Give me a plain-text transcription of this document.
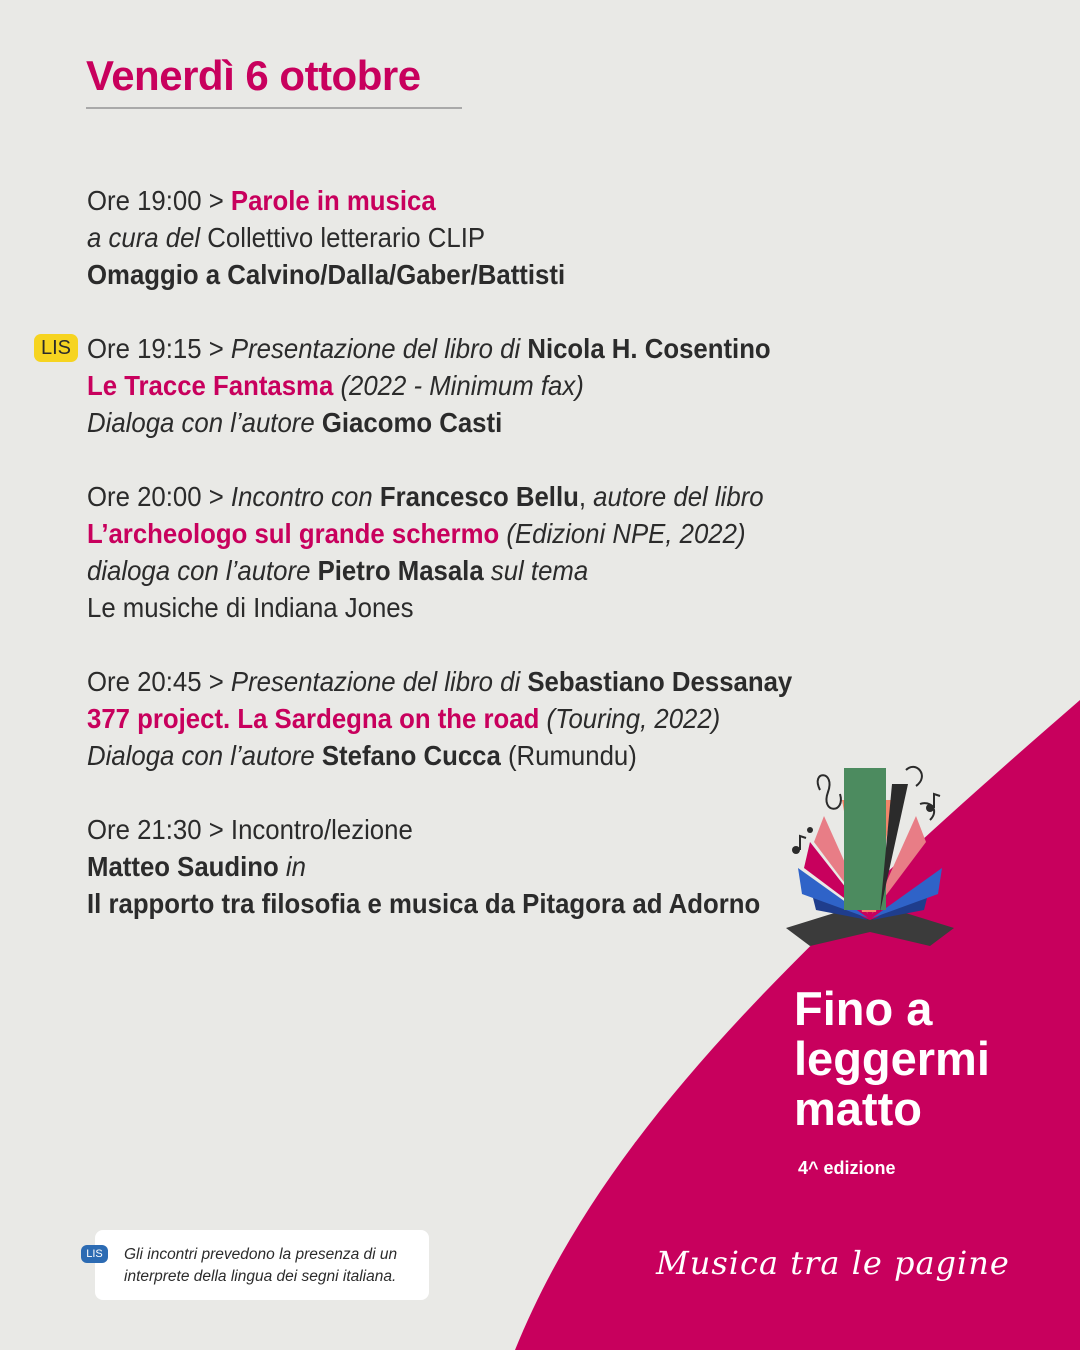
Venerdì 6 ottobre
LIS
Ore 19:00 > Parole in musica
a cura del Collettivo letterario CLIP
Omaggio a Calvino/Dalla/Gaber/Battisti
Ore 19:15 > Presentazione del libro di Nicola H. Cosentino
Le Tracce Fantasma (2022 - Minimum fax)
Dialoga con l’autore Giacomo Casti
Ore 20:00 > Incontro con Francesco Bellu, autore del libro
L’archeologo sul grande schermo (Edizioni NPE, 2022)
dialoga con l’autore Pietro Masala sul tema
Le musiche di Indiana Jones
Ore 20:45 > Presentazione del libro di Sebastiano Dessanay
377 project. La Sardegna on the road (Touring, 2022)
Dialoga con l’autore Stefano Cucca (Rumundu)
Ore 21:30 > Incontro/lezione
Matteo Saudino in
Il rapporto tra filosofia e musica da Pitagora ad Adorno
Fino a
leggermi
matto
4^ edizione
Musica tra le pagine
LIS	Gli incontri prevedono la presenza di un
interprete della lingua dei segni italiana.
